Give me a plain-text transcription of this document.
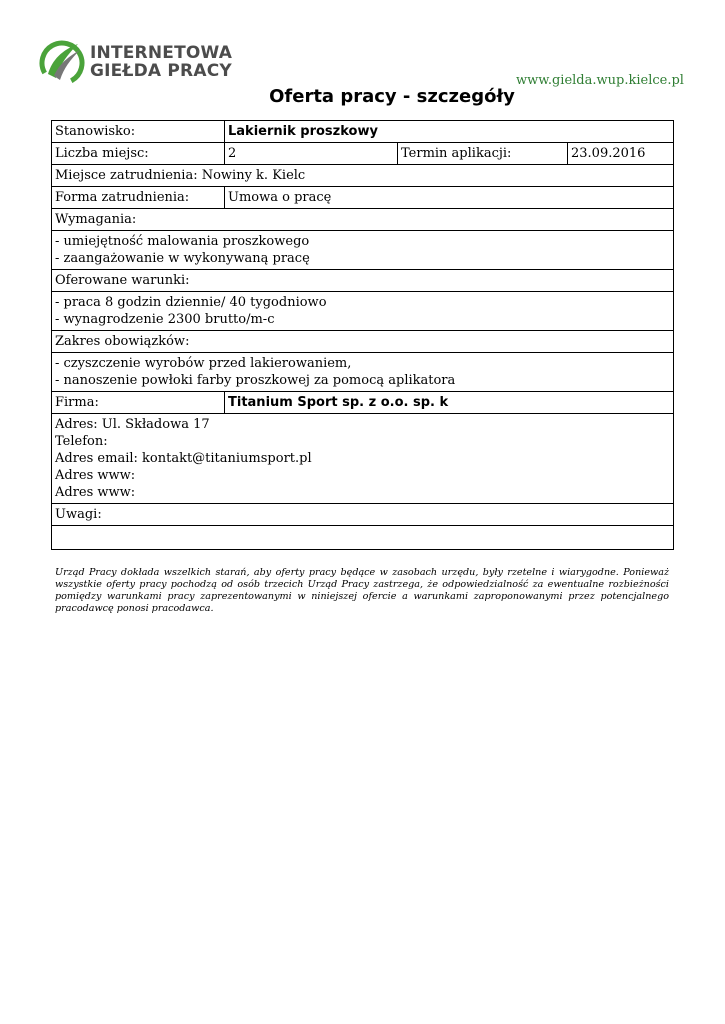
INTERNETOWA
GIEŁDA PRACY	www.gielda.wup.kielce.pl
Oferta pracy - szczegóły
Stanowisko:	Lakiernik proszkowy		
Liczba miejsc:	2	Termin aplikacji:	23.09.2016
Miejsce zatrudnienia: Nowiny k. Kielc			
Forma zatrudnienia:	Umowa o pracę		
Wymagania:			

- umiejętność malowania proszkowego
- zaangażowanie w wykonywaną pracę			

Oferowane warunki:			

- praca 8 godzin dziennie/ 40 tygodniowo
- wynagrodzenie 2300 brutto/m-c			

Zakres obowiązków:			

- czyszczenie wyrobów przed lakierowaniem,
- nanoszenie powłoki farby proszkowej za pomocą aplikatora			

Firma:	Titanium Sport sp. z o.o. sp. k		

Adres: Ul. Składowa 17
Telefon:
Adres email: kontakt@titaniumsport.pl
Adres www:
Adres www:			

Uwagi:			

Urząd Pracy dokłada wszelkich starań, aby oferty pracy będące w zasobach urzędu, były rzetelne i wiarygodne. Ponieważ wszystkie oferty pracy pochodzą od osób trzecich Urząd Pracy zastrzega, że odpowiedzialność za ewentualne rozbieżności pomiędzy warunkami pracy zaprezentowanymi w niniejszej ofercie a warunkami zaproponowanymi przez potencjalnego pracodawcę ponosi pracodawca.
